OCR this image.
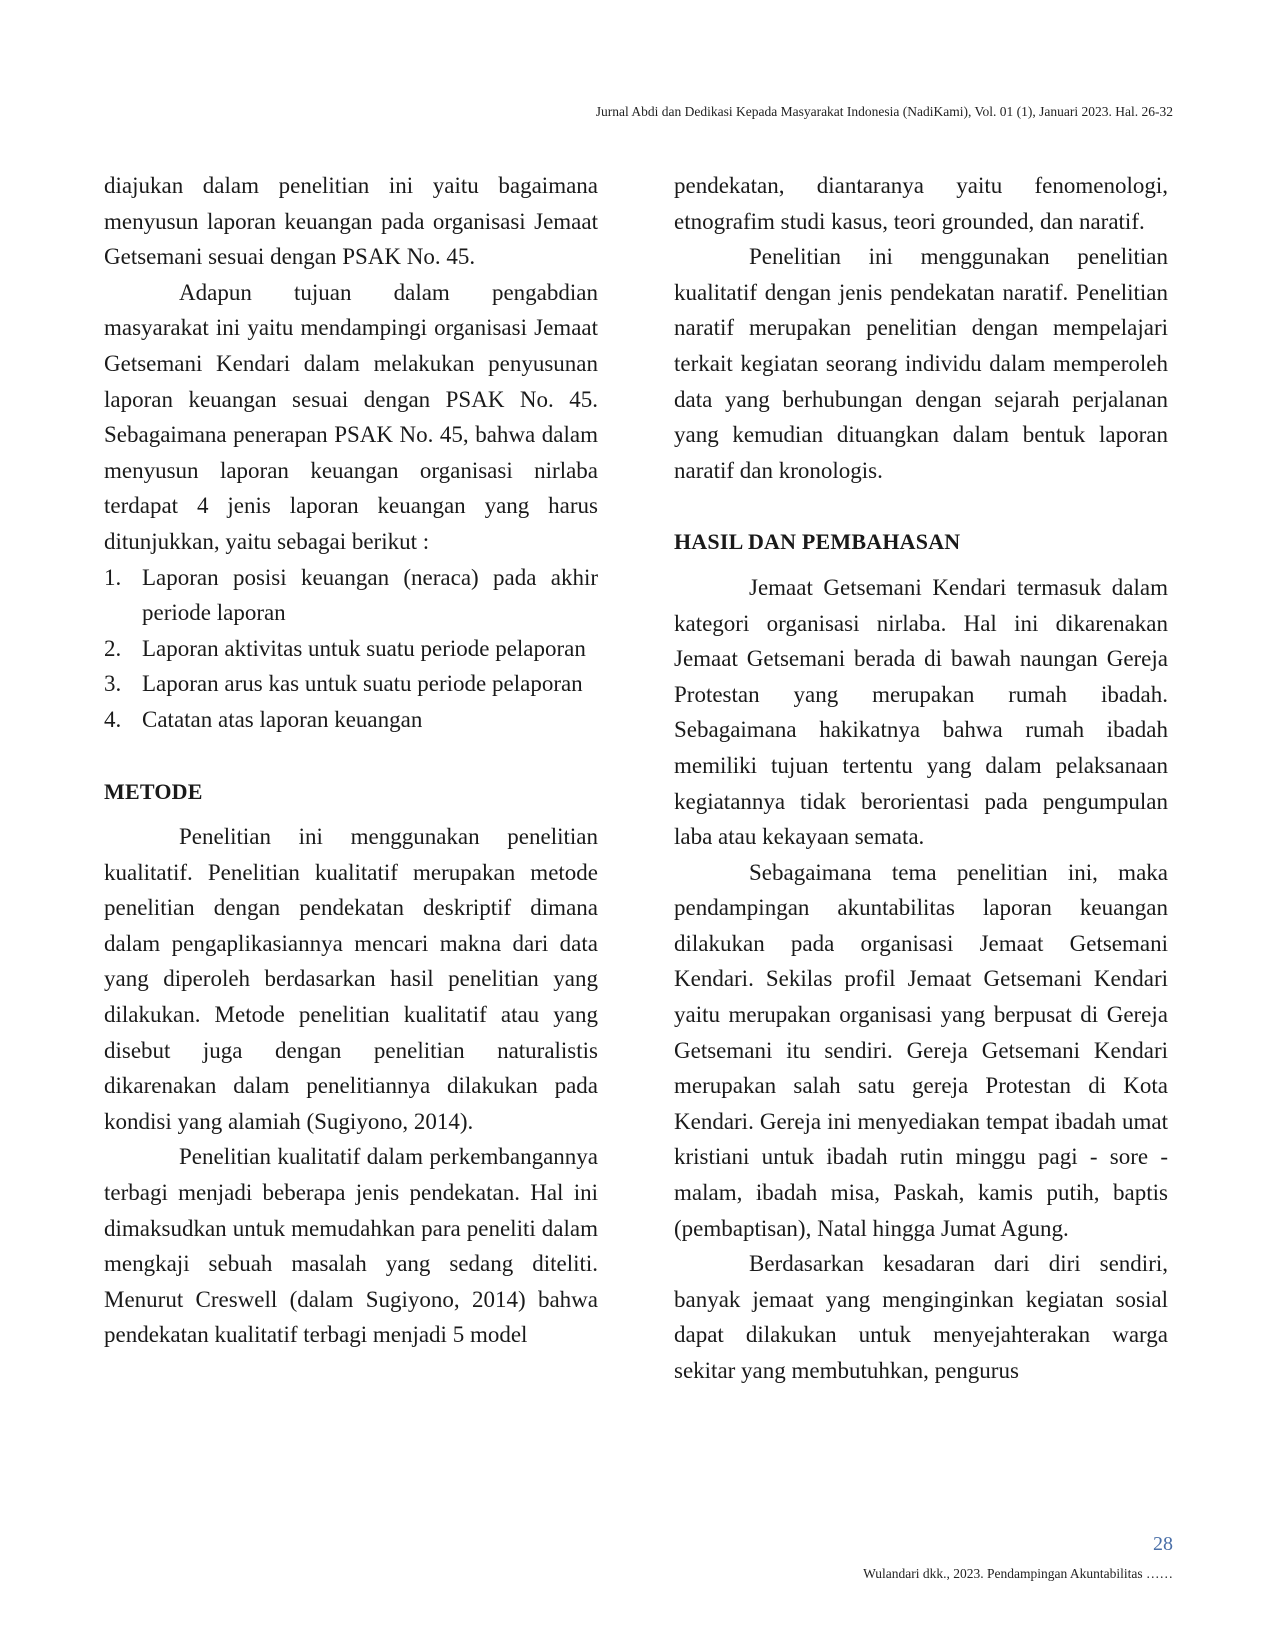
Jurnal Abdi dan Dedikasi Kepada Masyarakat Indonesia (NadiKami), Vol. 01 (1), Januari 2023. Hal. 26-32

diajukan dalam penelitian ini yaitu bagaimana menyusun laporan keuangan pada organisasi Jemaat Getsemani sesuai dengan PSAK No. 45.

Adapun tujuan dalam pengabdian masyarakat ini yaitu mendampingi organisasi Jemaat Getsemani Kendari dalam melakukan penyusunan laporan keuangan sesuai dengan PSAK No. 45. Sebagaimana penerapan PSAK No. 45, bahwa dalam menyusun laporan keuangan organisasi nirlaba terdapat 4 jenis laporan keuangan yang harus ditunjukkan, yaitu sebagai berikut :

1. Laporan posisi keuangan (neraca) pada akhir periode laporan
2. Laporan aktivitas untuk suatu periode pelaporan
3. Laporan arus kas untuk suatu periode pelaporan
4. Catatan atas laporan keuangan
METODE

Penelitian ini menggunakan penelitian kualitatif. Penelitian kualitatif merupakan metode penelitian dengan pendekatan deskriptif dimana dalam pengaplikasiannya mencari makna dari data yang diperoleh berdasarkan hasil penelitian yang dilakukan. Metode penelitian kualitatif atau yang disebut juga dengan penelitian naturalistis dikarenakan dalam penelitiannya dilakukan pada kondisi yang alamiah (Sugiyono, 2014).

Penelitian kualitatif dalam perkembangannya terbagi menjadi beberapa jenis pendekatan. Hal ini dimaksudkan untuk memudahkan para peneliti dalam mengkaji sebuah masalah yang sedang diteliti. Menurut Creswell (dalam Sugiyono, 2014) bahwa pendekatan kualitatif terbagi menjadi 5 model

pendekatan, diantaranya yaitu fenomenologi, etnografim studi kasus, teori grounded, dan naratif.

Penelitian ini menggunakan penelitian kualitatif dengan jenis pendekatan naratif. Penelitian naratif merupakan penelitian dengan mempelajari terkait kegiatan seorang individu dalam memperoleh data yang berhubungan dengan sejarah perjalanan yang kemudian dituangkan dalam bentuk laporan naratif dan kronologis.

HASIL DAN PEMBAHASAN

Jemaat Getsemani Kendari termasuk dalam kategori organisasi nirlaba. Hal ini dikarenakan Jemaat Getsemani berada di bawah naungan Gereja Protestan yang merupakan rumah ibadah. Sebagaimana hakikatnya bahwa rumah ibadah memiliki tujuan tertentu yang dalam pelaksanaan kegiatannya tidak berorientasi pada pengumpulan laba atau kekayaan semata.

Sebagaimana tema penelitian ini, maka pendampingan akuntabilitas laporan keuangan dilakukan pada organisasi Jemaat Getsemani Kendari. Sekilas profil Jemaat Getsemani Kendari yaitu merupakan organisasi yang berpusat di Gereja Getsemani itu sendiri. Gereja Getsemani Kendari merupakan salah satu gereja Protestan di Kota Kendari. Gereja ini menyediakan tempat ibadah umat kristiani untuk ibadah rutin minggu pagi - sore - malam, ibadah misa, Paskah, kamis putih, baptis (pembaptisan), Natal hingga Jumat Agung.

Berdasarkan kesadaran dari diri sendiri, banyak jemaat yang menginginkan kegiatan sosial dapat dilakukan untuk menyejahterakan warga sekitar yang membutuhkan, pengurus

28
Wulandari dkk., 2023. Pendampingan Akuntabilitas ……
